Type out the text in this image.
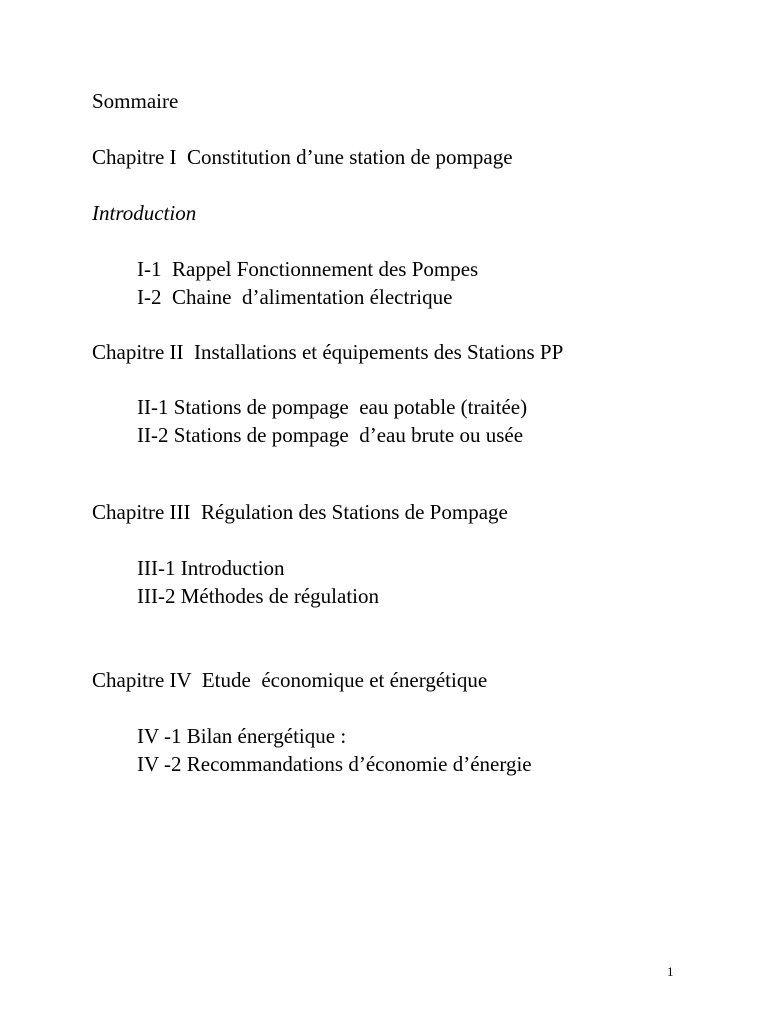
Sommaire
Chapitre I  Constitution d’une station de pompage
Introduction
I-1  Rappel Fonctionnement des Pompes
I-2  Chaine  d’alimentation électrique
Chapitre II  Installations et équipements des Stations PP
II-1 Stations de pompage  eau potable (traitée)
II-2 Stations de pompage  d’eau brute ou usée
Chapitre III  Régulation des Stations de Pompage
III-1 Introduction
III-2 Méthodes de régulation
Chapitre IV  Etude  économique et énergétique
IV -1 Bilan énergétique :
IV -2 Recommandations d’économie d’énergie
1
